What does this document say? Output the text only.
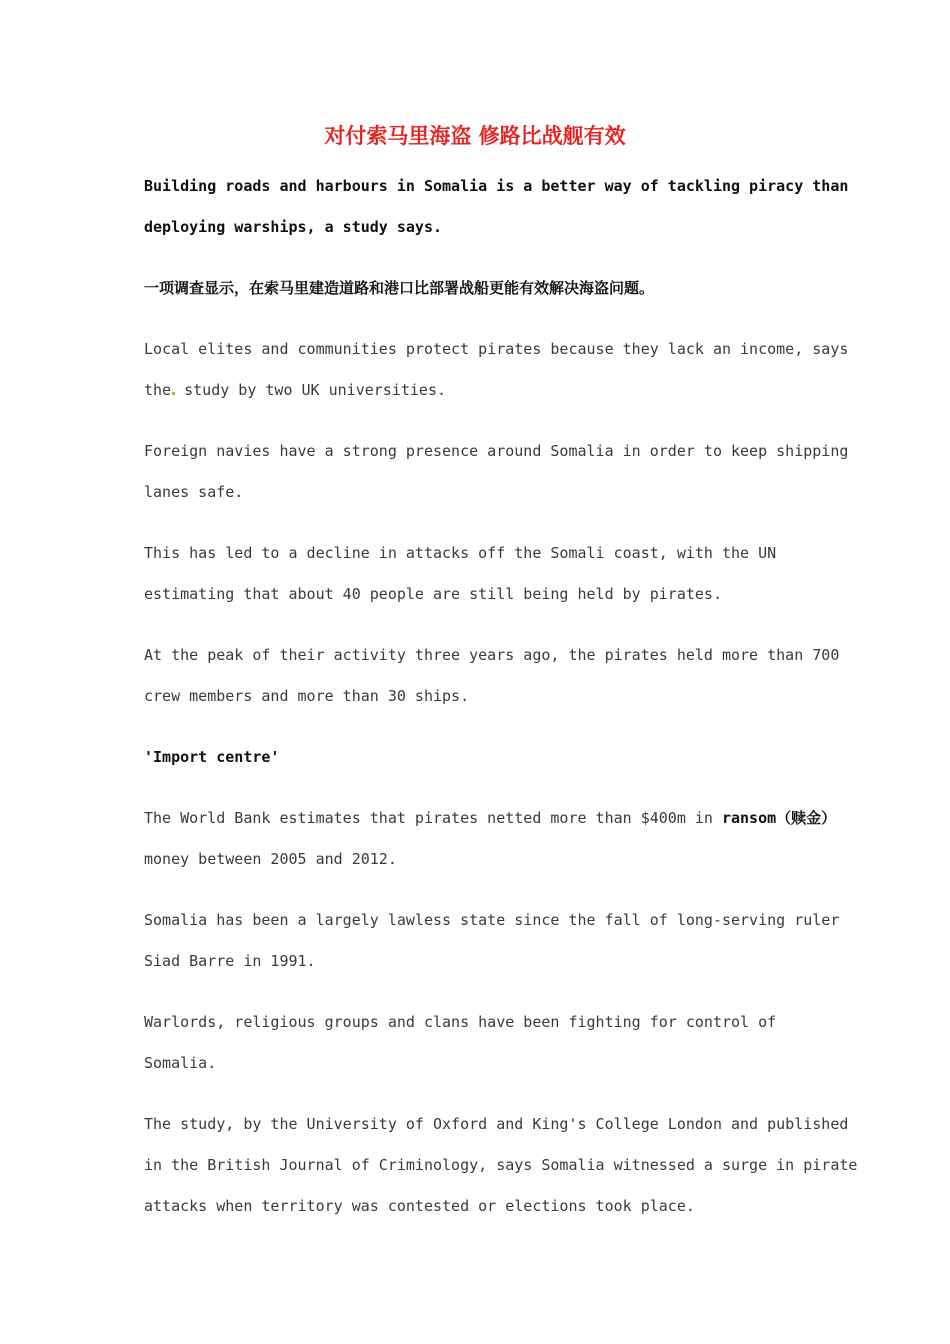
对付索马里海盗 修路比战舰有效

Building roads and harbours in Somalia is a better way of tackling piracy than
deploying warships, a study says.

一项调查显示，在索马里建造道路和港口比部署战船更能有效解决海盗问题。

Local elites and communities protect pirates because they lack an income, says
the study by two UK universities.

Foreign navies have a strong presence around Somalia in order to keep shipping
lanes safe.

This has led to a decline in attacks off the Somali coast, with the UN
estimating that about 40 people are still being held by pirates.

At the peak of their activity three years ago, the pirates held more than 700
crew members and more than 30 ships.

'Import centre'

The World Bank estimates that pirates netted more than $400m in ransom（赎金）
money between 2005 and 2012.

Somalia has been a largely lawless state since the fall of long-serving ruler
Siad Barre in 1991.

Warlords, religious groups and clans have been fighting for control of
Somalia.

The study, by the University of Oxford and King's College London and published
in the British Journal of Criminology, says Somalia witnessed a surge in pirate
attacks when territory was contested or elections took place.
